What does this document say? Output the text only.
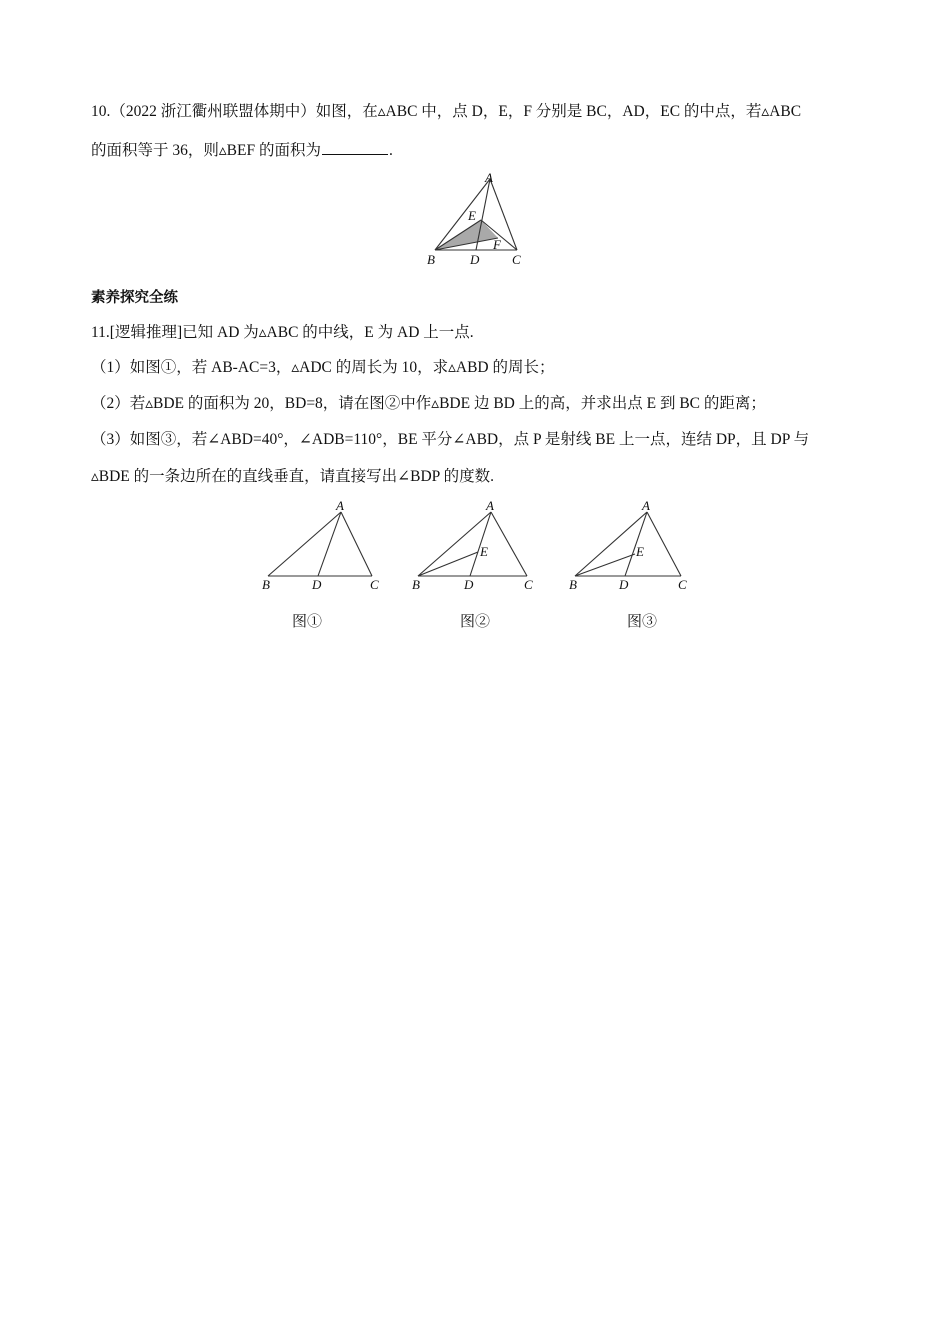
10.（2022 浙江衢州联盟体期中）如图，在▵ABC 中，点 D，E，F 分别是 BC，AD，EC 的中点，若▵ABC
的面积等于 36，则▵BEF 的面积为	.
A
E
F
B	D	C
素养探究全练
11.[逻辑推理]已知 AD 为▵ABC 的中线，E 为 AD 上一点.
（1）如图①，若 AB-AC=3，▵ADC 的周长为 10，求▵ABD 的周长；
（2）若▵BDE 的面积为 20，BD=8，请在图②中作▵BDE 边 BD 上的高，并求出点 E 到 BC 的距离；
（3）如图③，若∠ABD=40°，∠ADB=110°，BE 平分∠ABD，点 P 是射线 BE 上一点，连结 DP，且 DP 与
▵BDE 的一条边所在的直线垂直，请直接写出∠BDP 的度数.
A
B	D	C
A
E
B	D	C
A
E
B	D	C
图①	图②	图③
